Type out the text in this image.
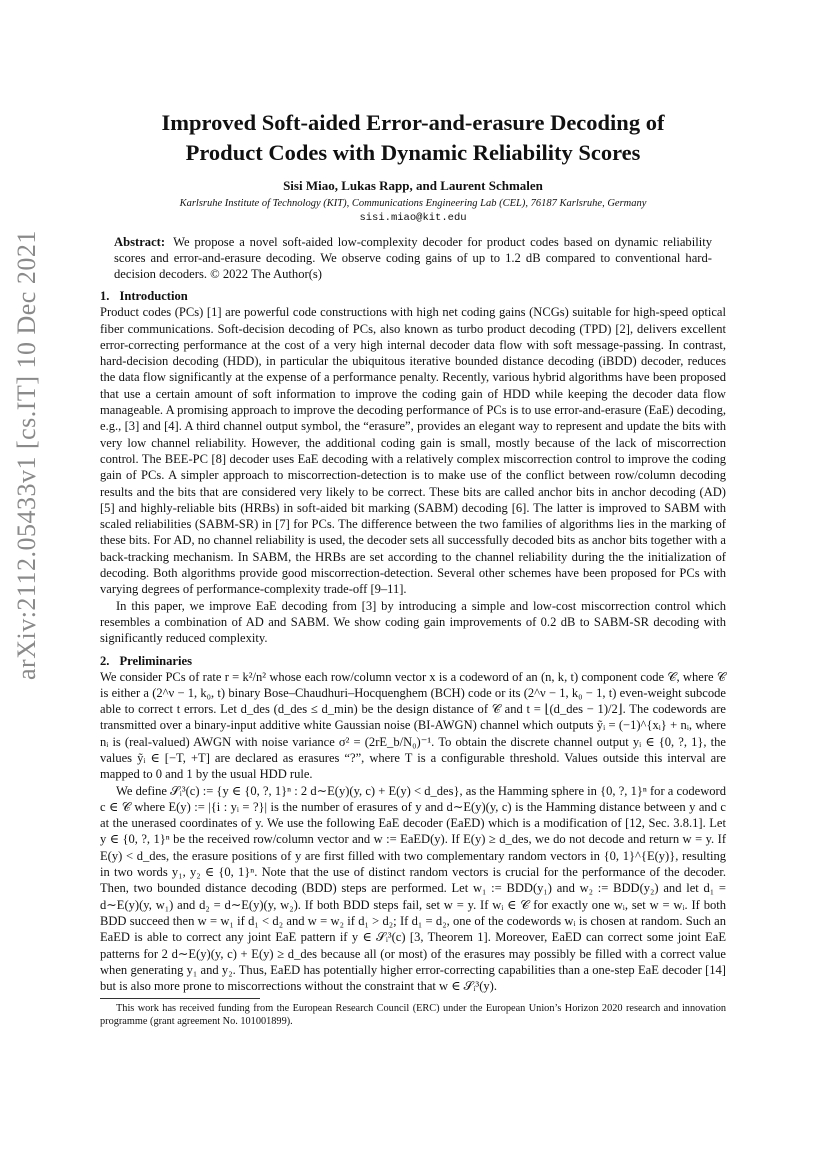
arXiv:2112.05433v1 [cs.IT] 10 Dec 2021
Improved Soft-aided Error-and-erasure Decoding of
Product Codes with Dynamic Reliability Scores
Sisi Miao, Lukas Rapp, and Laurent Schmalen
Karlsruhe Institute of Technology (KIT), Communications Engineering Lab (CEL), 76187 Karlsruhe, Germany
sisi.miao@kit.edu
Abstract: We propose a novel soft-aided low-complexity decoder for product codes based on dynamic reliability scores and error-and-erasure decoding. We observe coding gains of up to 1.2 dB compared to conventional hard-decision decoders. © 2022 The Author(s)
1. Introduction

Product codes (PCs) [1] are powerful code constructions with high net coding gains (NCGs) suitable for high-speed optical fiber communications. Soft-decision decoding of PCs, also known as turbo product decoding (TPD) [2], delivers excellent error-correcting performance at the cost of a very high internal decoder data flow with soft message-passing. In contrast, hard-decision decoding (HDD), in particular the ubiquitous iterative bounded distance decoding (iBDD) decoder, reduces the data flow significantly at the expense of a performance penalty. Recently, various hybrid algorithms have been proposed that use a certain amount of soft information to improve the coding gain of HDD while keeping the decoder data flow manageable. A promising approach to improve the decoding performance of PCs is to use error-and-erasure (EaE) decoding, e.g., [3] and [4]. A third channel output symbol, the “erasure”, provides an elegant way to represent and update the bits with very low channel reliability. However, the additional coding gain is small, mostly because of the lack of miscorrection control. The BEE-PC [8] decoder uses EaE decoding with a relatively complex miscorrection control to improve the coding gain of PCs. A simpler approach to miscorrection-detection is to make use of the conflict between row/column decoding results and the bits that are considered very likely to be correct. These bits are called anchor bits in anchor decoding (AD) [5] and highly-reliable bits (HRBs) in soft-aided bit marking (SABM) decoding [6]. The latter is improved to SABM with scaled reliabilities (SABM-SR) in [7] for PCs. The difference between the two families of algorithms lies in the marking of these bits. For AD, no channel reliability is used, the decoder sets all successfully decoded bits as anchor bits together with a back-tracking mechanism. In SABM, the HRBs are set according to the channel reliability during the the initialization of decoding. Both algorithms provide good miscorrection-detection. Several other schemes have been proposed for PCs with varying degrees of performance-complexity trade-off [9–11].

In this paper, we improve EaE decoding from [3] by introducing a simple and low-cost miscorrection control which resembles a combination of AD and SABM. We show coding gain improvements of 0.2 dB to SABM-SR decoding with significantly reduced complexity.

2. Preliminaries

We consider PCs of rate r = k²/n² whose each row/column vector x is a codeword of an (n, k, t) component code 𝒞, where 𝒞 is either a (2^ν − 1, k₀, t) binary Bose–Chaudhuri–Hocquenghem (BCH) code or its (2^ν − 1, k₀ − 1, t) even-weight subcode able to correct t errors. Let d_des (d_des ≤ d_min) be the design distance of 𝒞 and t = ⌊(d_des − 1)/2⌋. The codewords are transmitted over a binary-input additive white Gaussian noise (BI-AWGN) channel which outputs ỹᵢ = (−1)^{xᵢ} + nᵢ, where nᵢ is (real-valued) AWGN with noise variance σ² = (2rE_b/N₀)⁻¹. To obtain the discrete channel output yᵢ ∈ {0, ?, 1}, the values ỹᵢ ∈ [−T, +T] are declared as erasures “?”, where T is a configurable threshold. Values outside this interval are mapped to 0 and 1 by the usual HDD rule.

We define 𝒮ᵢ³(c) := {y ∈ {0, ?, 1}ⁿ : 2 d∼E(y)(y, c) + E(y) < d_des}, as the Hamming sphere in {0, ?, 1}ⁿ for a codeword c ∈ 𝒞 where E(y) := |{i : yᵢ = ?}| is the number of erasures of y and d∼E(y)(y, c) is the Hamming distance between y and c at the unerased coordinates of y. We use the following EaE decoder (EaED) which is a modification of [12, Sec. 3.8.1]. Let y ∈ {0, ?, 1}ⁿ be the received row/column vector and w := EaED(y). If E(y) ≥ d_des, we do not decode and return w = y. If E(y) < d_des, the erasure positions of y are first filled with two complementary random vectors in {0, 1}^{E(y)}, resulting in two words y₁, y₂ ∈ {0, 1}ⁿ. Note that the use of distinct random vectors is crucial for the performance of the decoder. Then, two bounded distance decoding (BDD) steps are performed. Let w₁ := BDD(y₁) and w₂ := BDD(y₂) and let d₁ = d∼E(y)(y, w₁) and d₂ = d∼E(y)(y, w₂). If both BDD steps fail, set w = y. If wᵢ ∈ 𝒞 for exactly one wᵢ, set w = wᵢ. If both BDD succeed then w = w₁ if d₁ < d₂ and w = w₂ if d₁ > d₂; If d₁ = d₂, one of the codewords wᵢ is chosen at random. Such an EaED is able to correct any joint EaE pattern if y ∈ 𝒮ᵢ³(c) [3, Theorem 1]. Moreover, EaED can correct some joint EaE patterns for 2 d∼E(y)(y, c) + E(y) ≥ d_des because all (or most) of the erasures may possibly be filled with a correct value when generating y₁ and y₂. Thus, EaED has potentially higher error-correcting capabilities than a one-step EaE decoder [14] but is also more prone to miscorrections without the constraint that w ∈ 𝒮ᵢ³(y).

This work has received funding from the European Research Council (ERC) under the European Union’s Horizon 2020 research and innovation programme (grant agreement No. 101001899).
